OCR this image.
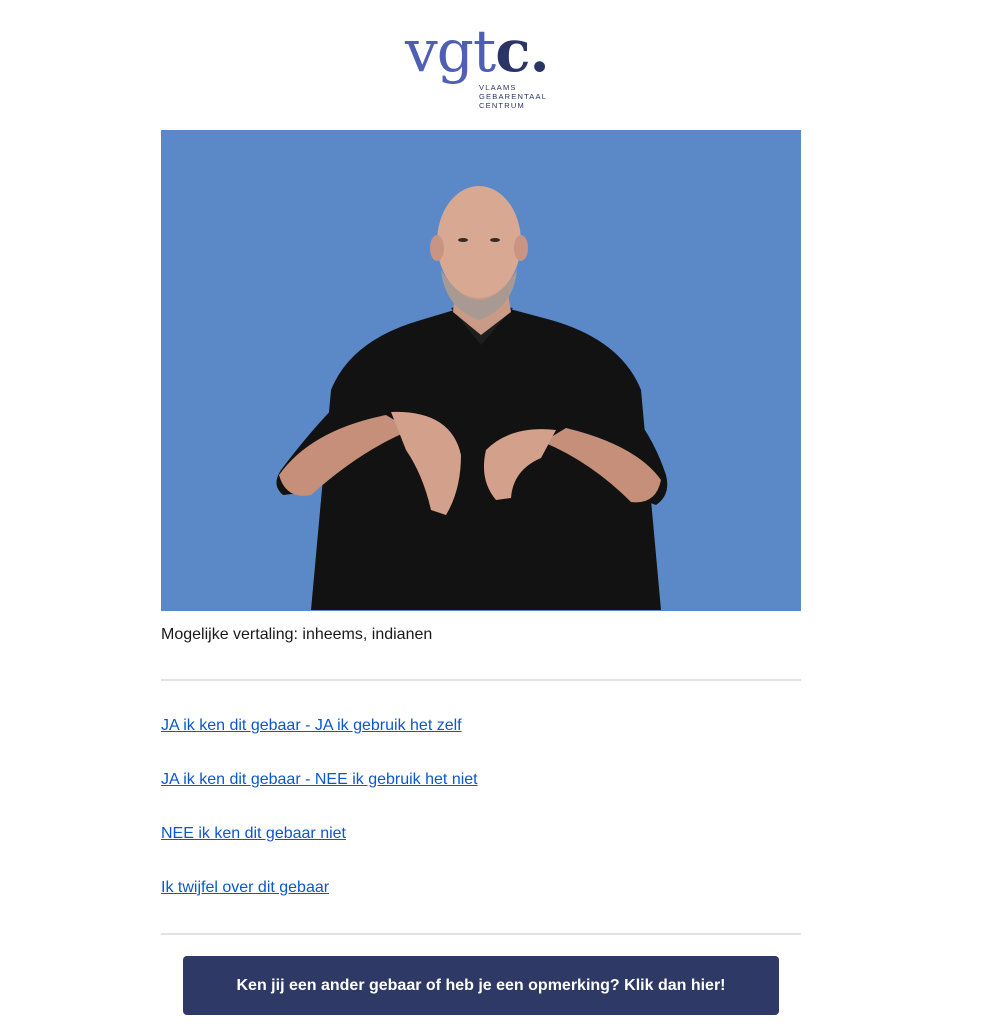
vgtc.
VLAAMS
GEBARENTAAL
CENTRUM
Mogelijke vertaling: inheems, indianen
JA ik ken dit gebaar - JA ik gebruik het zelf
JA ik ken dit gebaar - NEE ik gebruik het niet
NEE ik ken dit gebaar niet
Ik twijfel over dit gebaar
Ken jij een ander gebaar of heb je een opmerking? Klik dan hier!
